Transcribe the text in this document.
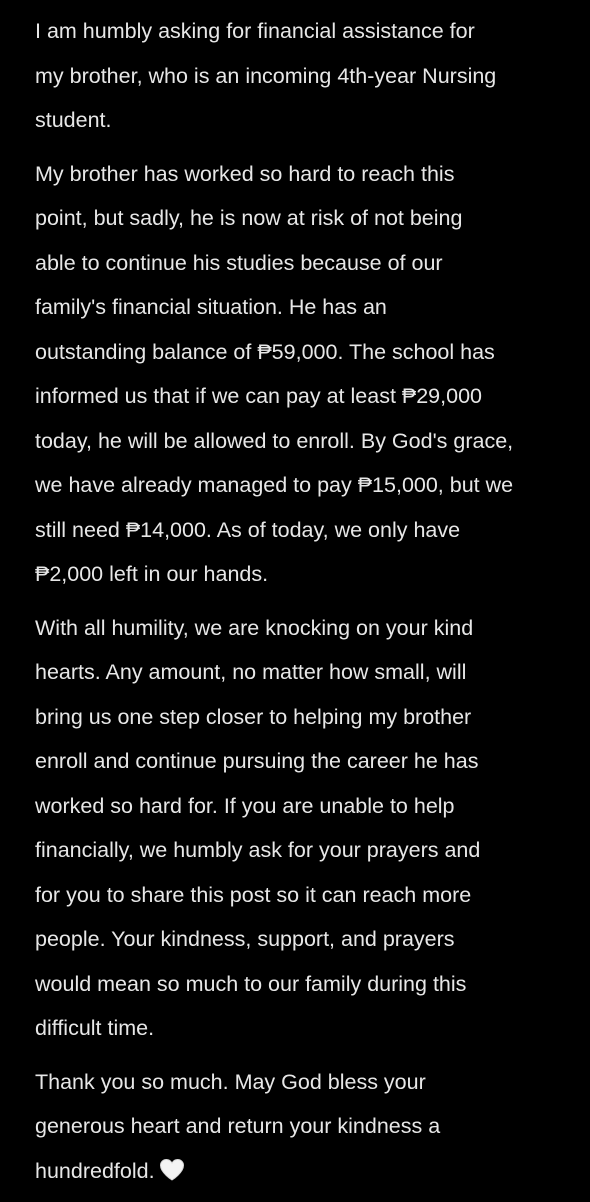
I am humbly asking for financial assistance for
my brother, who is an incoming 4th-year Nursing
student.

My brother has worked so hard to reach this
point, but sadly, he is now at risk of not being
able to continue his studies because of our
family's financial situation. He has an
outstanding balance of ₱59,000. The school has
informed us that if we can pay at least ₱29,000
today, he will be allowed to enroll. By God's grace,
we have already managed to pay ₱15,000, but we
still need ₱14,000. As of today, we only have
₱2,000 left in our hands.

With all humility, we are knocking on your kind
hearts. Any amount, no matter how small, will
bring us one step closer to helping my brother
enroll and continue pursuing the career he has
worked so hard for. If you are unable to help
financially, we humbly ask for your prayers and
for you to share this post so it can reach more
people. Your kindness, support, and prayers
would mean so much to our family during this
difficult time.

Thank you so much. May God bless your
generous heart and return your kindness a
hundredfold.
